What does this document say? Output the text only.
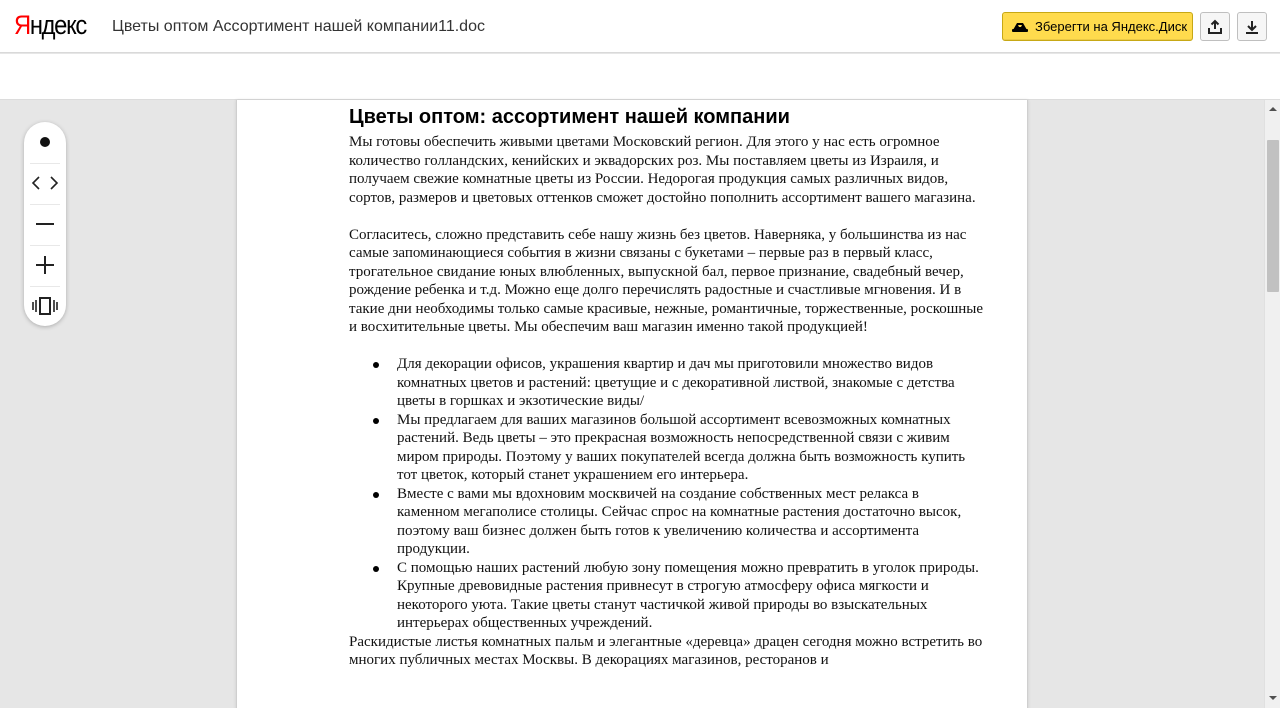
Яндекс Цветы оптом Ассортимент нашей компании11.doc	Зберегти на Яндекс.Диск
Цветы оптом: ассортимент нашей компании

Мы готовы обеспечить живыми цветами Московский регион. Для этого у нас есть огромное количество голландских, кенийских и эквадорских роз. Мы поставляем цветы из Израиля, и получаем свежие комнатные цветы из России. Недорогая продукция самых различных видов, сортов, размеров и цветовых оттенков сможет достойно пополнить ассортимент вашего магазина.

Согласитесь, сложно представить себе нашу жизнь без цветов. Наверняка, у большинства из нас самые запоминающиеся события в жизни связаны с букетами – первые раз в первый класс, трогательное свидание юных влюбленных, выпускной бал, первое признание, свадебный вечер, рождение ребенка и т.д. Можно еще долго перечислять радостные и счастливые мгновения. И в такие дни необходимы только самые красивые, нежные, романтичные, торжественные, роскошные и восхитительные цветы. Мы обеспечим ваш магазин именно такой продукцией!

Для декорации офисов, украшения квартир и дач мы приготовили множество видов комнатных цветов и растений: цветущие и с декоративной листвой, знакомые с детства цветы в горшках и экзотические виды/
Мы предлагаем для ваших магазинов большой ассортимент всевозможных комнатных растений. Ведь цветы – это прекрасная возможность непосредственной связи с живим миром природы. Поэтому у ваших покупателей всегда должна быть возможность купить тот цветок, который станет украшением его интерьера.
Вместе с вами мы вдохновим москвичей на создание собственных мест релакса в каменном мегаполисе столицы. Сейчас спрос на комнатные растения достаточно высок, поэтому ваш бизнес должен быть готов к увеличению количества и ассортимента продукции.
С помощью наших растений любую зону помещения можно превратить в уголок природы. Крупные древовидные растения привнесут в строгую атмосферу офиса мягкости и некоторого уюта. Такие цветы станут частичкой живой природы во взыскательных интерьерах общественных учреждений.

Раскидистые листья комнатных пальм и элегантные «деревца» драцен сегодня можно встретить во многих публичных местах Москвы. В декорациях магазинов, ресторанов и
